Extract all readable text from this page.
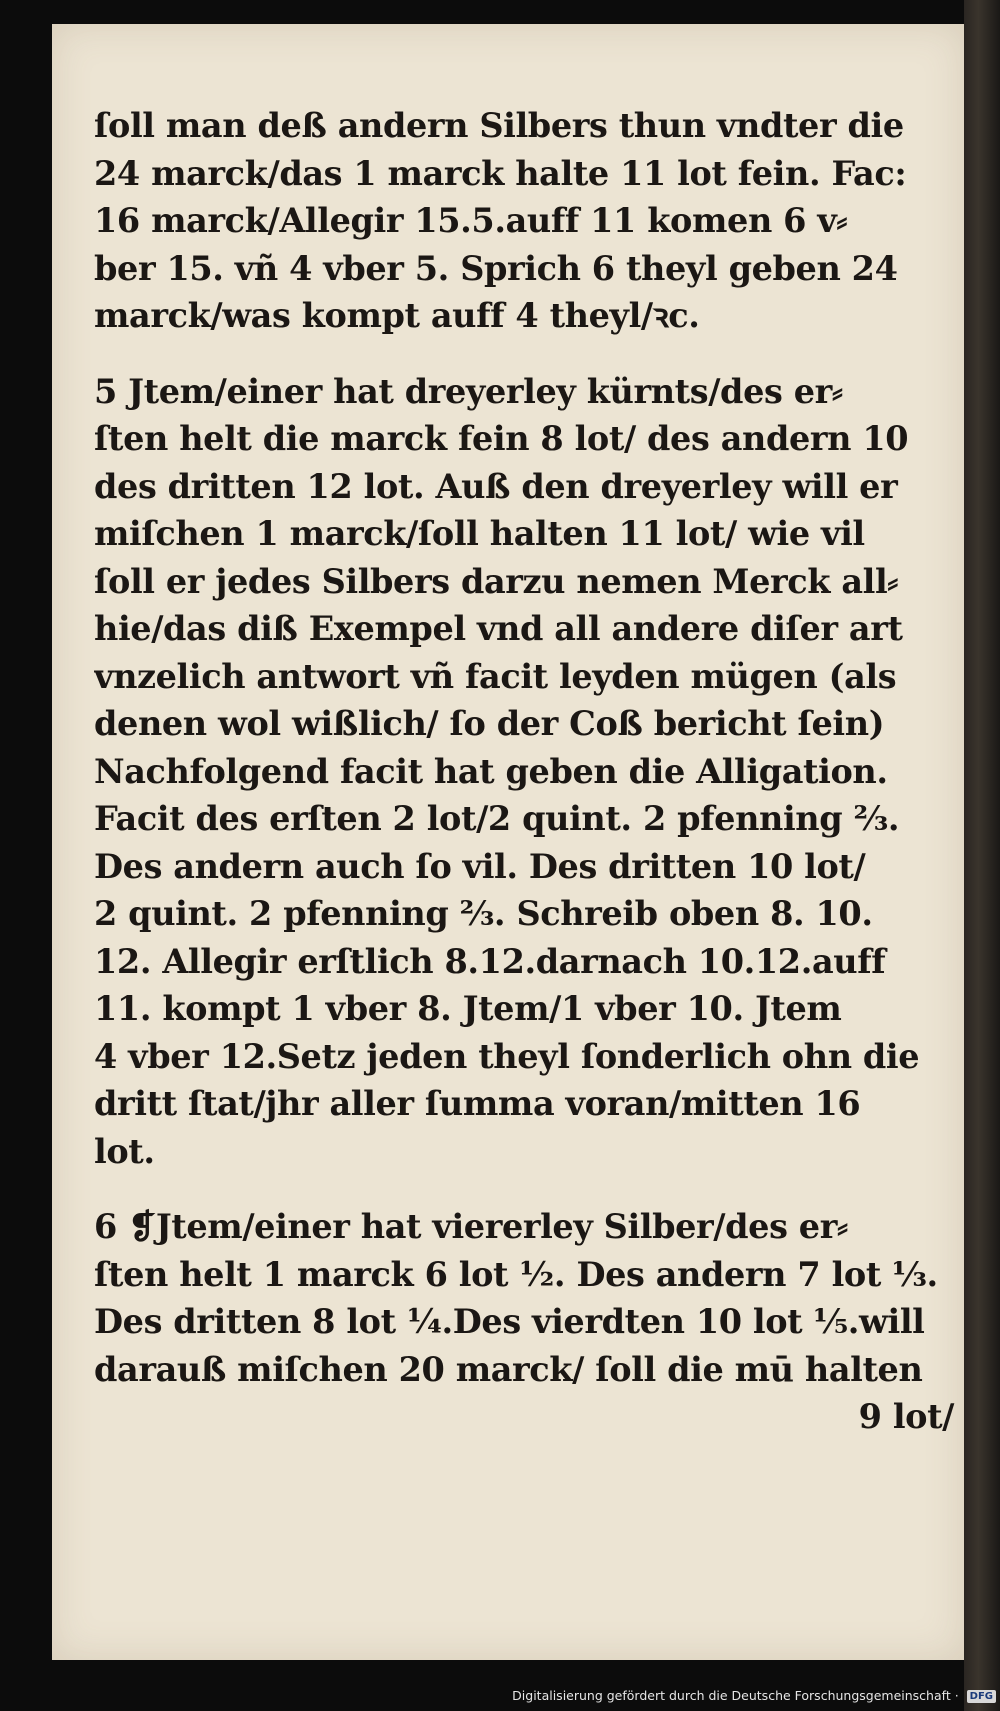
ſoll man deß andern Silbers thun vndter die
24 marck/das 1 marck halte 11 lot fein. Fac:
16 marck/Allegir 15.5.auff 11 komen 6 v⸗
ber 15. vñ 4 vber 5. Sprich 6 theyl geben 24
marck/was kompt auff 4 theyl/ꝛc.
5 Jtem/einer hat dreyerley kürnts/des er⸗
ſten helt die marck fein 8 lot/ des andern 10
des dritten 12 lot. Auß den dreyerley will er
miſchen 1 marck/ſoll halten 11 lot/ wie vil
ſoll er jedes Silbers darzu nemen Merck all⸗
hie/das diß Exempel vnd all andere diſer art
vnzelich antwort vñ facit leyden mügen (als
denen wol wißlich/ ſo der Coß bericht ſein)
Nachfolgend facit hat geben die Alligation.
Facit des erſten 2 lot/2 quint. 2 pfenning ⅔.
Des andern auch ſo vil. Des dritten 10 lot/
2 quint. 2 pfenning ⅔. Schreib oben 8. 10.
12. Allegir erſtlich 8.12.darnach 10.12.auff
11. kompt 1 vber 8. Jtem/1 vber 10. Jtem
4 vber 12.Setz jeden theyl ſonderlich ohn die
dritt ſtat/jhr aller ſumma voran/mitten 16
lot.
6 ❡Jtem/einer hat viererley Silber/des er⸗
ſten helt 1 marck 6 lot ½. Des andern 7 lot ⅓.
Des dritten 8 lot ¼.Des vierdten 10 lot ⅕.will
darauß miſchen 20 marck/ ſoll die mū halten
9 lot/
Digitalisierung gefördert durch die Deutsche Forschungsgemeinschaft · DFG
